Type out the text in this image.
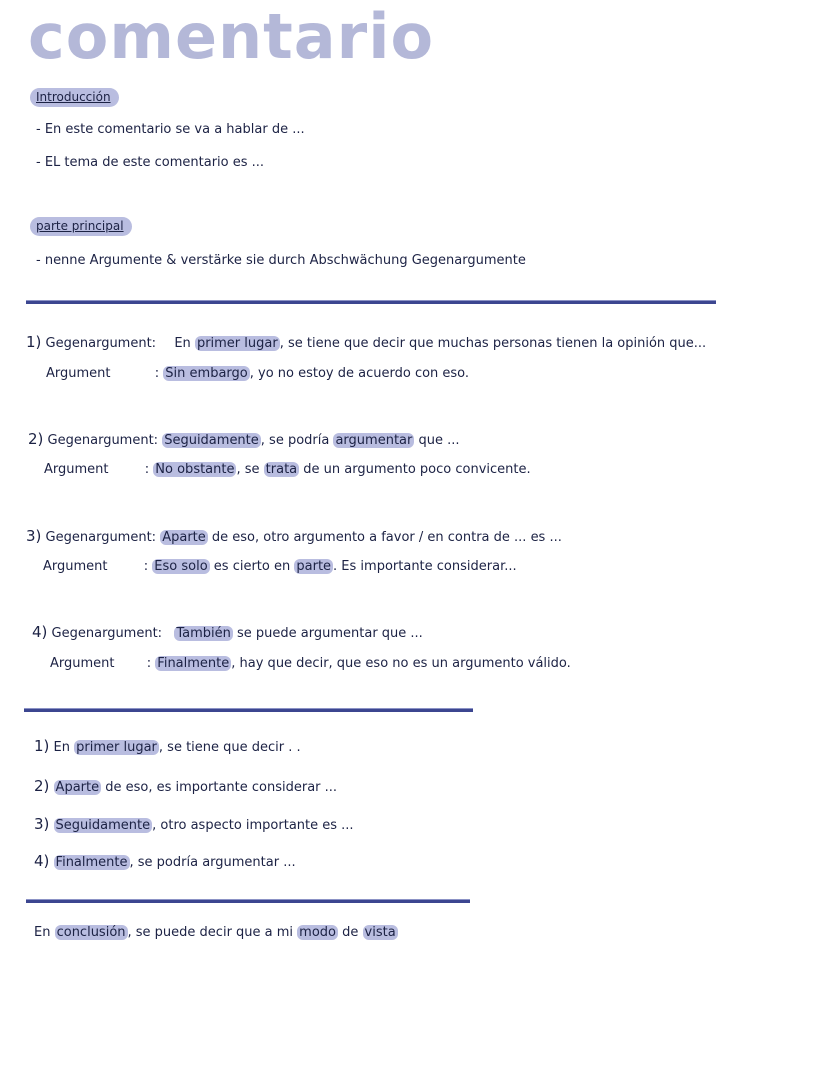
comentario
Introducción
- En este comentario se va a hablar de ...
- EL tema de este comentario es ...
parte principal
- nenne Argumente & verstärke sie durch Abschwächung Gegenargumente
1) Gegenargument: En primer lugar , se tiene que decir que muchas personas tienen la opinión que...
Argument	: Sin embargo , yo no estoy de acuerdo con eso.
2) Gegenargument: Seguidamente , se podría argumentar que ...
Argument	: No obstante , se trata de un argumento poco convicente.
3) Gegenargument: Aparte de eso, otro argumento a favor / en contra de ... es ...
Argument	: Eso solo es cierto en parte . Es importante considerar...
4) Gegenargument: También se puede argumentar que ...
Argument : Finalmente , hay que decir, que eso no es un argumento válido.
1) En primer lugar , se tiene que decir . .
2) Aparte de eso, es importante considerar ...
3) Seguidamente , otro aspecto importante es ...
4) Finalmente , se podría argumentar ...
En conclusión , se puede decir que a mi modo de vista
